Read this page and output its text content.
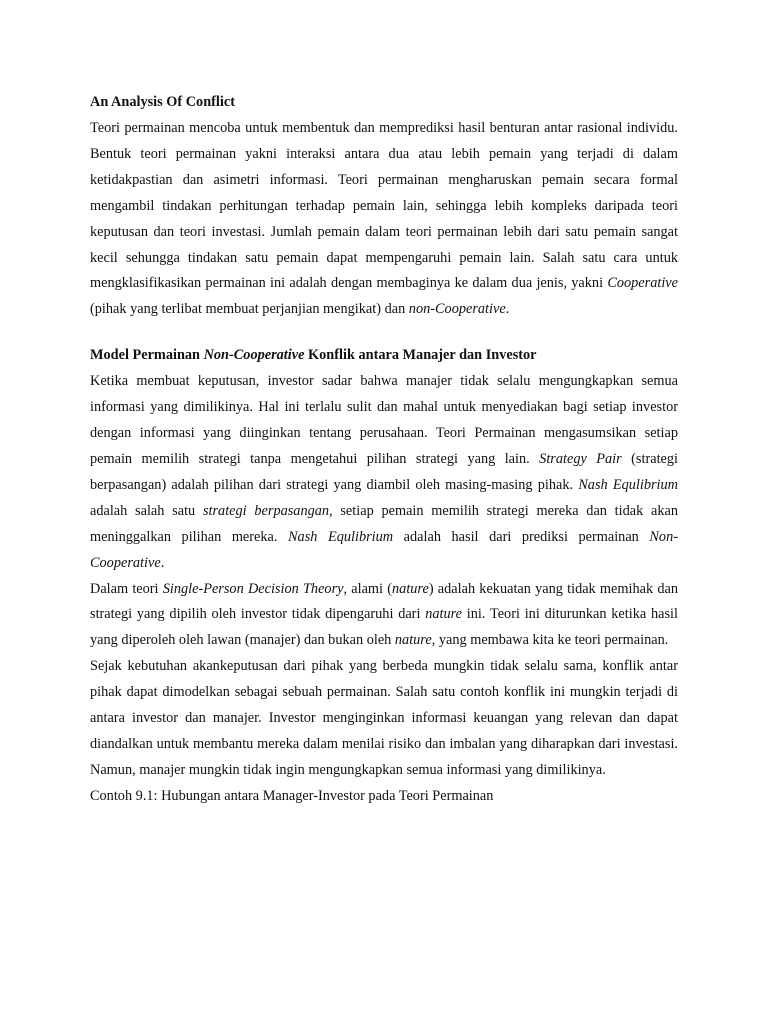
An Analysis Of Conflict

Teori permainan mencoba untuk membentuk dan memprediksi hasil benturan antar rasional individu. Bentuk teori permainan yakni interaksi antara dua atau lebih pemain yang terjadi di dalam ketidakpastian dan asimetri informasi. Teori permainan mengharuskan pemain secara formal mengambil tindakan perhitungan terhadap pemain lain, sehingga lebih kompleks daripada teori keputusan dan teori investasi. Jumlah pemain dalam teori permainan lebih dari satu pemain sangat kecil sehungga tindakan satu pemain dapat mempengaruhi pemain lain. Salah satu cara untuk mengklasifikasikan permainan ini adalah dengan membaginya ke dalam dua jenis, yakni Cooperative (pihak yang terlibat membuat perjanjian mengikat) dan non-Cooperative.

Model Permainan Non-Cooperative Konflik antara Manajer dan Investor

Ketika membuat keputusan, investor sadar bahwa manajer tidak selalu mengungkapkan semua informasi yang dimilikinya. Hal ini terlalu sulit dan mahal untuk menyediakan bagi setiap investor dengan informasi yang diinginkan tentang perusahaan. Teori Permainan mengasumsikan setiap pemain memilih strategi tanpa mengetahui pilihan strategi yang lain. Strategy Pair (strategi berpasangan) adalah pilihan dari strategi yang diambil oleh masing-masing pihak. Nash Equlibrium adalah salah satu strategi berpasangan, setiap pemain memilih strategi mereka dan tidak akan meninggalkan pilihan mereka. Nash Equlibrium adalah hasil dari prediksi permainan Non-Cooperative.

Dalam teori Single-Person Decision Theory, alami (nature) adalah kekuatan yang tidak memihak dan strategi yang dipilih oleh investor tidak dipengaruhi dari nature ini. Teori ini diturunkan ketika hasil yang diperoleh oleh lawan (manajer) dan bukan oleh nature, yang membawa kita ke teori permainan.

Sejak kebutuhan akankeputusan dari pihak yang berbeda mungkin tidak selalu sama, konflik antar pihak dapat dimodelkan sebagai sebuah permainan. Salah satu contoh konflik ini mungkin terjadi di antara investor dan manajer. Investor menginginkan informasi keuangan yang relevan dan dapat diandalkan untuk membantu mereka dalam menilai risiko dan imbalan yang diharapkan dari investasi. Namun, manajer mungkin tidak ingin mengungkapkan semua informasi yang dimilikinya.

Contoh 9.1: Hubungan antara Manager-Investor pada Teori Permainan
